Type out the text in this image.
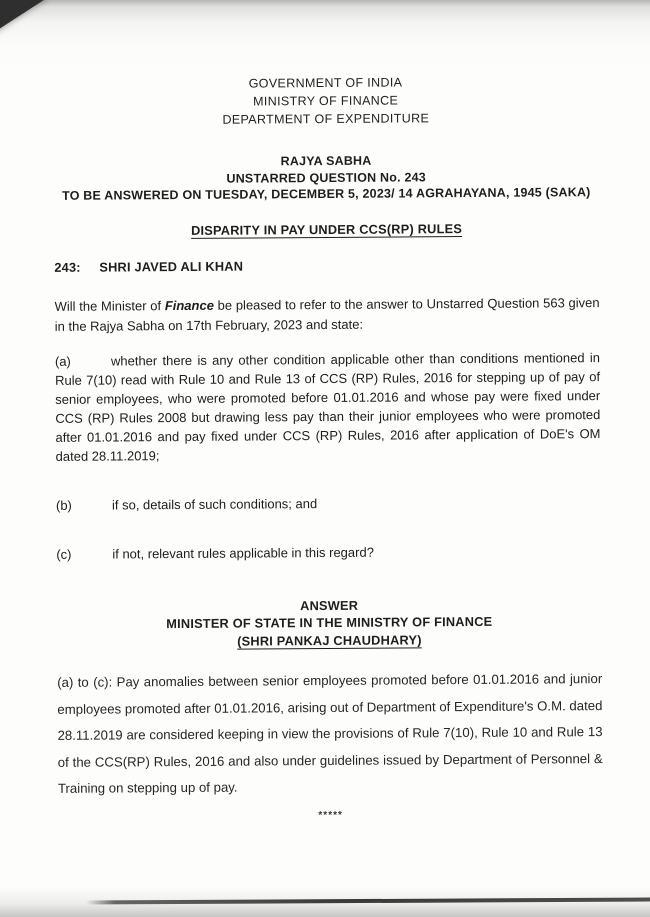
GOVERNMENT OF INDIA
MINISTRY OF FINANCE
DEPARTMENT OF EXPENDITURE
RAJYA SABHA
UNSTARRED QUESTION No. 243
TO BE ANSWERED ON TUESDAY, DECEMBER 5, 2023/ 14 AGRAHAYANA, 1945 (SAKA)
DISPARITY IN PAY UNDER CCS(RP) RULES

243: SHRI JAVED ALI KHAN

Will the Minister of Finance be pleased to refer to the answer to Unstarred Question 563 given in the Rajya Sabha on 17th February, 2023 and state:

(a)	whether there is any other condition applicable other than conditions mentioned in Rule 7(10) read with Rule 10 and Rule 13 of CCS (RP) Rules, 2016 for stepping up of pay of senior employees, who were promoted before 01.01.2016 and whose pay were fixed under CCS (RP) Rules 2008 but drawing less pay than their junior employees who were promoted after 01.01.2016 and pay fixed under CCS (RP) Rules, 2016 after application of DoE's OM dated 28.11.2019;

(b)	if so, details of such conditions; and

(c)	if not, relevant rules applicable in this regard?

ANSWER
MINISTER OF STATE IN THE MINISTRY OF FINANCE
(SHRI PANKAJ CHAUDHARY)

(a) to (c): Pay anomalies between senior employees promoted before 01.01.2016 and junior employees promoted after 01.01.2016, arising out of Department of Expenditure's O.M. dated 28.11.2019 are considered keeping in view the provisions of Rule 7(10), Rule 10 and Rule 13 of the CCS(RP) Rules, 2016 and also under guidelines issued by Department of Personnel & Training on stepping up of pay.

*****
